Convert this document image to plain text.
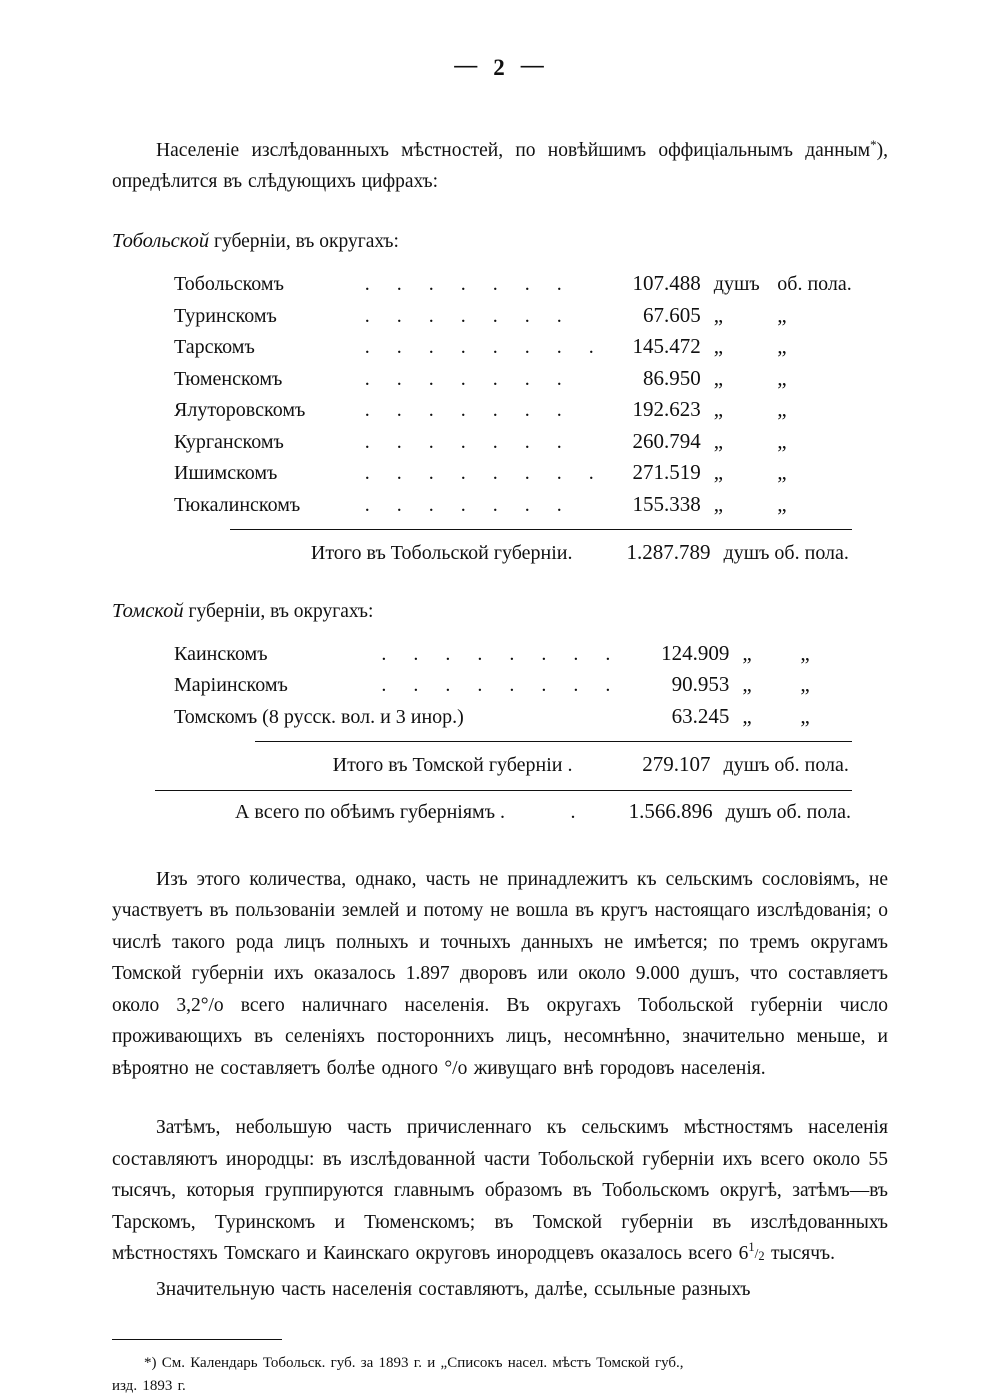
— 2 —

Населеніе изслѣдованныхъ мѣстностей, по новѣйшимъ оффиціальнымъ данным*), опредѣлится въ слѣдующихъ цифрахъ:

Тобольской губерніи, въ округахъ:
Тобольскомъ	. . . . . . .	107.488	душъ	об. пола.
Туринскомъ	. . . . . . .	67.605	„	„
Тарскомъ	. . . . . . . .	145.472	„	„
Тюменскомъ	. . . . . . .	86.950	„	„
Ялуторовскомъ	. . . . . . .	192.623	„	„
Курганскомъ	. . . . . . .	260.794	„	„
Ишимскомъ	. . . . . . . .	271.519	„	„
Тюкалинскомъ	. . . . . . .	155.338	„	„
Итого въ Тобольской губерніи.	1.287.789	душъ об. пола.
Томской губерніи, въ округахъ:
Каинскомъ	. . . . . . . .	124.909	„	„
Маріинскомъ	. . . . . . . .	90.953	„	„
Томскомъ (8 русск. вол. и 3 инор.)		63.245	„	„
Итого въ Томской губерніи .	279.107	душъ об. пола.
А всего по обѣимъ губерніямъ .	.	1.566.896	душъ об. пола.

Изъ этого количества, однако, часть не принадлежитъ къ сельскимъ сословіямъ, не участвуетъ въ пользованіи землей и потому не вошла въ кругъ настоящаго изслѣдованія; о числѣ такого рода лицъ полныхъ и точныхъ данныхъ не имѣется; по тремъ округамъ Томской губерніи ихъ оказалось 1.897 дворовъ или около 9.000 душъ, что составляетъ около 3,2°/о всего наличнаго населенія. Въ округахъ Тобольской губерніи число проживающихъ въ селеніяхъ постороннихъ лицъ, несомнѣнно, значительно меньше, и вѣроятно не составляетъ болѣе одного °/о живущаго внѣ городовъ населенія.

Затѣмъ, небольшую часть причисленнаго къ сельскимъ мѣстностямъ населенія составляютъ инородцы: въ изслѣдованной части Тобольской губерніи ихъ всего около 55 тысячъ, которыя группируются главнымъ образомъ въ Тобольскомъ округѣ, затѣмъ—въ Тарскомъ, Туринскомъ и Тюменскомъ; въ Томской губерніи въ изслѣдованныхъ мѣстностяхъ Томскаго и Каинскаго округовъ инородцевъ оказалось всего $6^1/_2$ тысячъ.

Значительную часть населенія составляютъ, далѣе, ссыльные разныхъ

*) См. Календарь Тобольск. губ. за 1893 г. и „Списокъ насел. мѣстъ Томской губ.,
изд. 1893 г.
